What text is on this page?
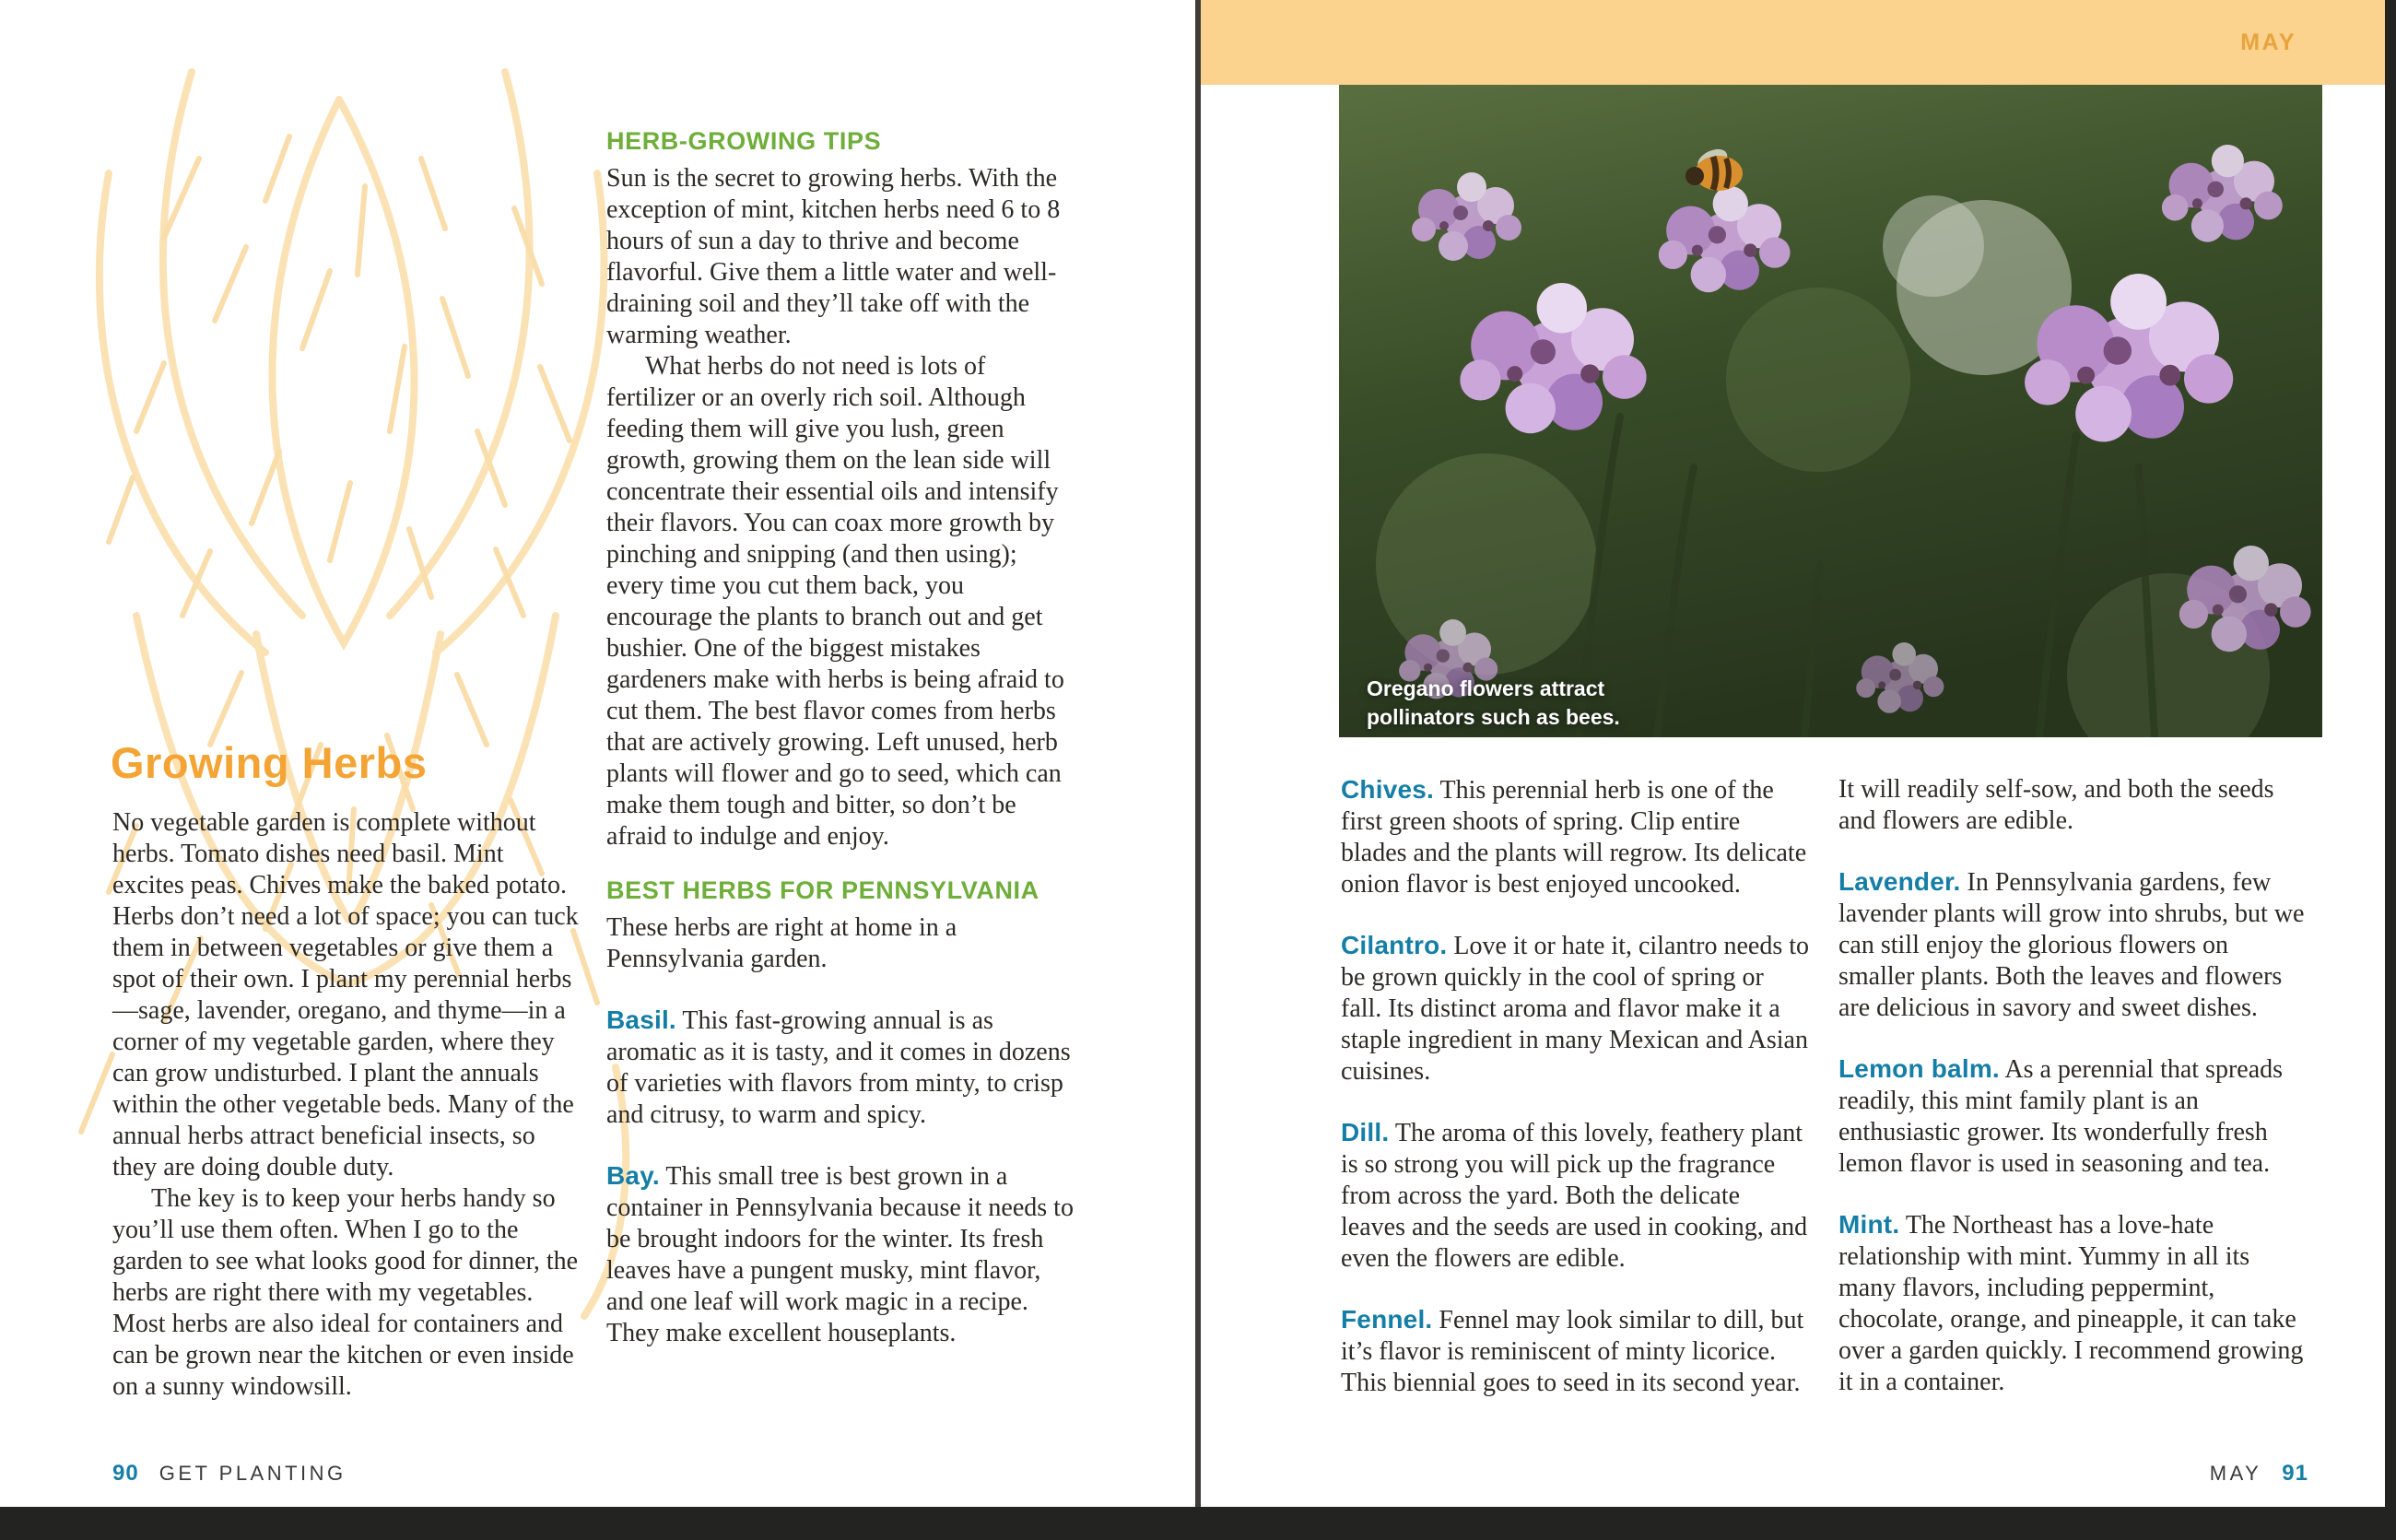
Growing Herbs

No vegetable garden is complete without herbs. Tomato dishes need basil. Mint excites peas. Chives make the baked potato. Herbs don’t need a lot of space; you can tuck them in between vegetables or give them a spot of their own. I plant my perennial herbs—sage, lavender, oregano, and thyme—in a corner of my vegetable garden, where they can grow undisturbed. I plant the annuals within the other vegetable beds. Many of the annual herbs attract beneficial insects, so they are doing double duty.

The key is to keep your herbs handy so you’ll use them often. When I go to the garden to see what looks good for dinner, the herbs are right there with my vegetables. Most herbs are also ideal for containers and can be grown near the kitchen or even inside on a sunny windowsill.

HERB-GROWING TIPS

Sun is the secret to growing herbs. With the exception of mint, kitchen herbs need 6 to 8 hours of sun a day to thrive and become flavorful. Give them a little water and well-draining soil and they’ll take off with the warming weather.

What herbs do not need is lots of fertilizer or an overly rich soil. Although feeding them will give you lush, green growth, growing them on the lean side will concentrate their essential oils and intensify their flavors. You can coax more growth by pinching and snipping (and then using); every time you cut them back, you encourage the plants to branch out and get bushier. One of the biggest mistakes gardeners make with herbs is being afraid to cut them. The best flavor comes from herbs that are actively growing. Left unused, herb plants will flower and go to seed, which can make them tough and bitter, so don’t be afraid to indulge and enjoy.

BEST HERBS FOR PENNSYLVANIA

These herbs are right at home in a Pennsylvania garden.

Basil. This fast-growing annual is as aromatic as it is tasty, and it comes in dozens of varieties with flavors from minty, to crisp and citrusy, to warm and spicy.

Bay. This small tree is best grown in a container in Pennsylvania because it needs to be brought indoors for the winter. Its fresh leaves have a pungent musky, mint flavor, and one leaf will work magic in a recipe. They make excellent houseplants.

90 GET PLANTING
MAY
Oregano flowers attract
pollinators such as bees.

Chives. This perennial herb is one of the first green shoots of spring. Clip entire blades and the plants will regrow. Its delicate onion flavor is best enjoyed uncooked.

Cilantro. Love it or hate it, cilantro needs to be grown quickly in the cool of spring or fall. Its distinct aroma and flavor make it a staple ingredient in many Mexican and Asian cuisines.

Dill. The aroma of this lovely, feathery plant is so strong you will pick up the fragrance from across the yard. Both the delicate leaves and the seeds are used in cooking, and even the flowers are edible.

Fennel. Fennel may look similar to dill, but it’s flavor is reminiscent of minty licorice. This biennial goes to seed in its second year.

It will readily self-sow, and both the seeds and flowers are edible.

Lavender. In Pennsylvania gardens, few lavender plants will grow into shrubs, but we can still enjoy the glorious flowers on smaller plants. Both the leaves and flowers are delicious in savory and sweet dishes.

Lemon balm. As a perennial that spreads readily, this mint family plant is an enthusiastic grower. Its wonderfully fresh lemon flavor is used in seasoning and tea.

Mint. The Northeast has a love-hate relationship with mint. Yummy in all its many flavors, including peppermint, chocolate, orange, and pineapple, it can take over a garden quickly. I recommend growing it in a container.

MAY 91
